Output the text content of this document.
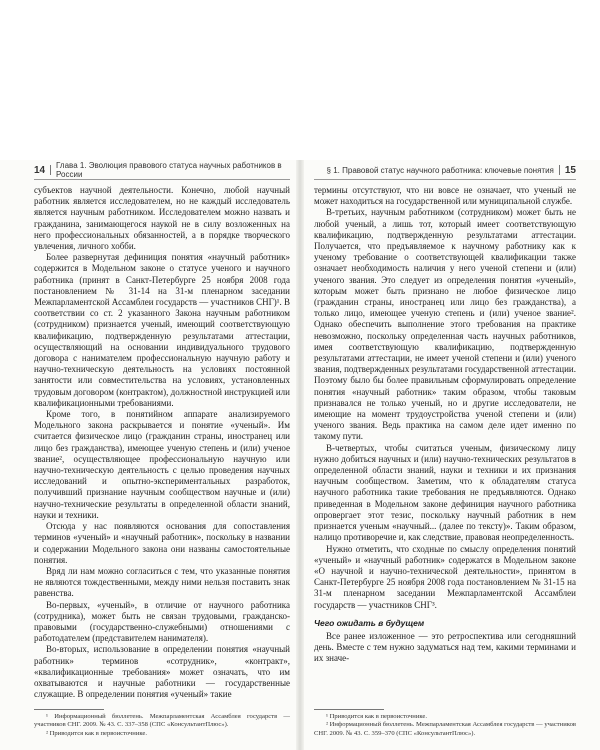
14 Глава 1. Эволюция правового статуса научных работников в России

субъектов научной деятельности. Конечно, любой научный работник является исследователем, но не каждый исследователь является научным работником. Исследователем можно назвать и гражданина, занимающегося наукой не в силу возложенных на него профессиональных обязанностей, а в порядке творческого увлечения, личного хобби.

Более развернутая дефиниция понятия «научный работник» содержится в Модельном законе о статусе ученого и научного работника (принят в Санкт-Петербурге 25 ноября 2008 года постановлением № 31-14 на 31-м пленарном заседании Межпарламентской Ассамблеи государств — участников СНГ)¹. В соответствии со ст. 2 указанного Закона научным работником (сотрудником) признается ученый, имеющий соответствующую квалификацию, подтвержденную результатами аттестации, осуществляющий на основании индивидуального трудового договора с нанимателем профессиональную научную работу и научно-техническую деятельность на условиях постоянной занятости или совместительства на условиях, установленных трудовым договором (контрактом), должностной инструкцией или квалификационными требованиями.

Кроме того, в понятийном аппарате анализируемого Модельного закона раскрывается и понятие «ученый». Им считается физическое лицо (гражданин страны, иностранец или лицо без гражданства), имеющее ученую степень и (или) ученое звание², осуществляющее профессиональную научную или научно-техническую деятельность с целью проведения научных исследований и опытно-экспериментальных разработок, получивший признание научным сообществом научные и (или) научно-технические результаты в определенной области знаний, науки и техники.

Отсюда у нас появляются основания для сопоставления терминов «ученый» и «научный работник», поскольку в названии и содержании Модельного закона они названы самостоятельные понятия.

Вряд ли нам можно согласиться с тем, что указанные понятия не являются тождественными, между ними нельзя поставить знак равенства.

Во-первых, «ученый», в отличие от научного работника (сотрудника), может быть не связан трудовыми, гражданско-правовыми (государственно-служебными) отношениями с работодателем (представителем нанимателя).

Во-вторых, использование в определении понятия «научный работник» терминов «сотрудник», «контракт», «квалификационные требования» может означать, что им охватываются и научные работники — государственные служащие. В определении понятия «ученый» такие

¹ Информационный бюллетень. Межпарламентская Ассамблея государств — участников СНГ. 2009. № 43. С. 337–358 (СПС «КонсультантПлюс»).

² Приводится как в первоисточнике.

§ 1. Правовой статус научного работника: ключевые понятия 15

термины отсутствуют, что ни вовсе не означает, что ученый не может находиться на государственной или муниципальной службе.

В-третьих, научным работником (сотрудником) может быть не любой ученый, а лишь тот, который имеет соответствующую квалификацию, подтвержденную результатами аттестации. Получается, что предъявляемое к научному работнику как к ученому требование о соответствующей квалификации также означает необходимость наличия у него ученой степени и (или) ученого звания. Это следует из определения понятия «ученый», которым может быть признано не любое физическое лицо (гражданин страны, иностранец или лицо без гражданства), а только лицо, имеющее ученую степень и (или) ученое звание². Однако обеспечить выполнение этого требования на практике невозможно, поскольку определенная часть научных работников, имея соответствующую квалификацию, подтвержденную результатами аттестации, не имеет ученой степени и (или) ученого звания, подтвержденных результатами государственной аттестации. Поэтому было бы более правильным сформулировать определение понятия «научный работник» таким образом, чтобы таковым признавался не только ученый, но и другие исследователи, не имеющие на момент трудоустройства ученой степени и (или) ученого звания. Ведь практика на самом деле идет именно по такому пути.

В-четвертых, чтобы считаться ученым, физическому лицу нужно добиться научных и (или) научно-технических результатов в определенной области знаний, науки и техники и их признания научным сообществом. Заметим, что к обладателям статуса научного работника такие требования не предъявляются. Однако приведенная в Модельном законе дефиниция научного работника опровергает этот тезис, поскольку научный работник в нем признается ученым «научный... (далее по тексту)». Таким образом, налицо противоречие и, как следствие, правовая неопределенность.

Нужно отметить, что сходные по смыслу определения понятий «ученый» и «научный работник» содержатся в Модельном законе «О научной и научно-технической деятельности», принятом в Санкт-Петербурге 25 ноября 2008 года постановлением № 31-15 на 31-м пленарном заседании Межпарламентской Ассамблеи государств — участников СНГ³.

Чего ожидать в будущем

Все ранее изложенное — это ретроспектива или сегодняшний день. Вместе с тем нужно задуматься над тем, какими терминами и их значе-

¹ Приводится как в первоисточнике.

² Информационный бюллетень. Межпарламентская Ассамблея государств — участников СНГ. 2009. № 43. С. 359–370 (СПС «КонсультантПлюс»).
